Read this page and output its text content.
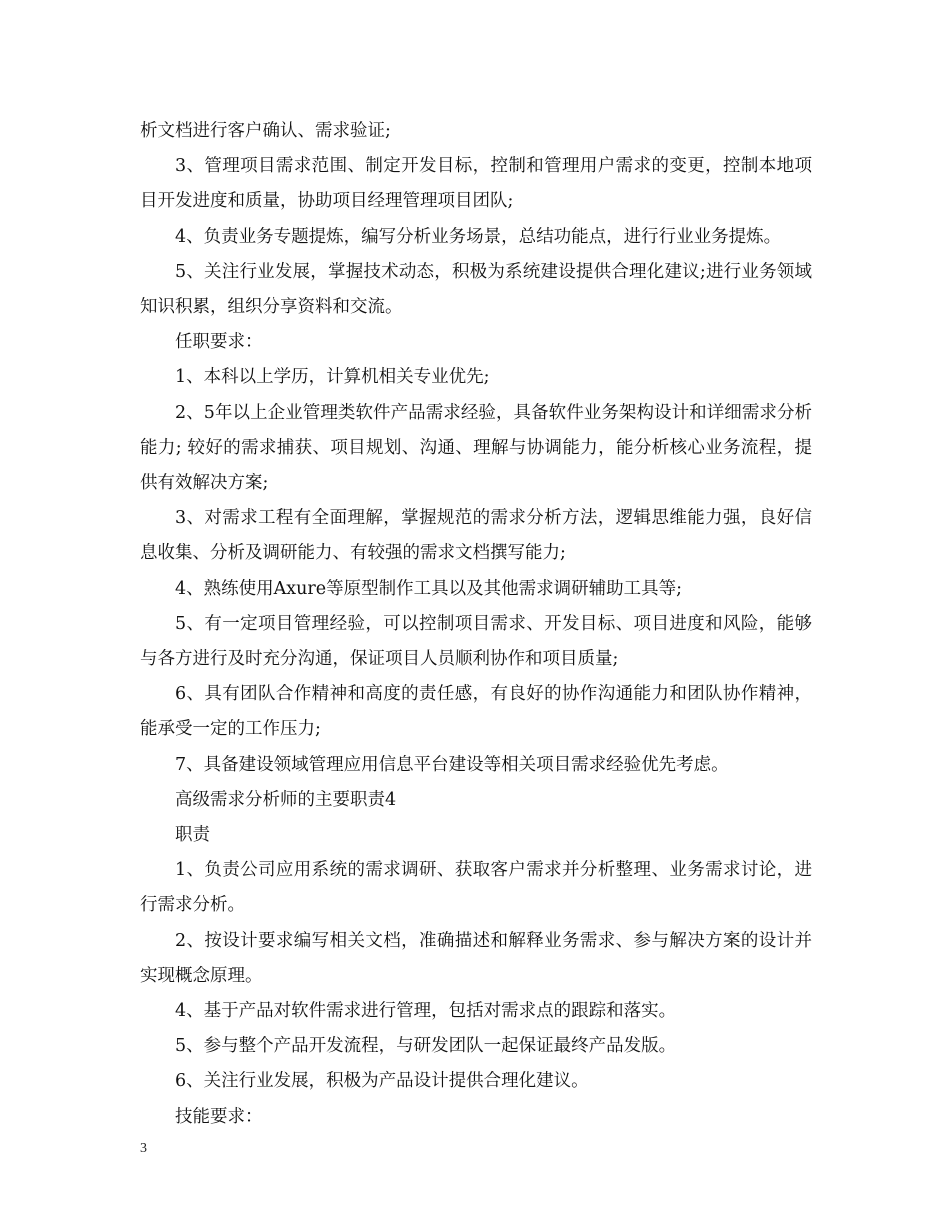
析文档进行客户确认、需求验证;

3、管理项目需求范围、制定开发目标，控制和管理用户需求的变更，控制本地项目开发进度和质量，协助项目经理管理项目团队;

4、负责业务专题提炼，编写分析业务场景，总结功能点，进行行业业务提炼。

5、关注行业发展，掌握技术动态，积极为系统建设提供合理化建议;进行业务领域知识积累，组织分享资料和交流。

任职要求：

1、本科以上学历，计算机相关专业优先;

2、5年以上企业管理类软件产品需求经验，具备软件业务架构设计和详细需求分析能力; 较好的需求捕获、项目规划、沟通、理解与协调能力，能分析核心业务流程，提供有效解决方案;

3、对需求工程有全面理解，掌握规范的需求分析方法，逻辑思维能力强，良好信息收集、分析及调研能力、有较强的需求文档撰写能力;

4、熟练使用Axure等原型制作工具以及其他需求调研辅助工具等;

5、有一定项目管理经验，可以控制项目需求、开发目标、项目进度和风险，能够与各方进行及时充分沟通，保证项目人员顺利协作和项目质量;

6、具有团队合作精神和高度的责任感，有良好的协作沟通能力和团队协作精神，能承受一定的工作压力;

7、具备建设领域管理应用信息平台建设等相关项目需求经验优先考虑。

高级需求分析师的主要职责4

职责

1、负责公司应用系统的需求调研、获取客户需求并分析整理、业务需求讨论，进行需求分析。

2、按设计要求编写相关文档，准确描述和解释业务需求、参与解决方案的设计并实现概念原理。

4、基于产品对软件需求进行管理，包括对需求点的跟踪和落实。

5、参与整个产品开发流程，与研发团队一起保证最终产品发版。

6、关注行业发展，积极为产品设计提供合理化建议。

技能要求：

3
